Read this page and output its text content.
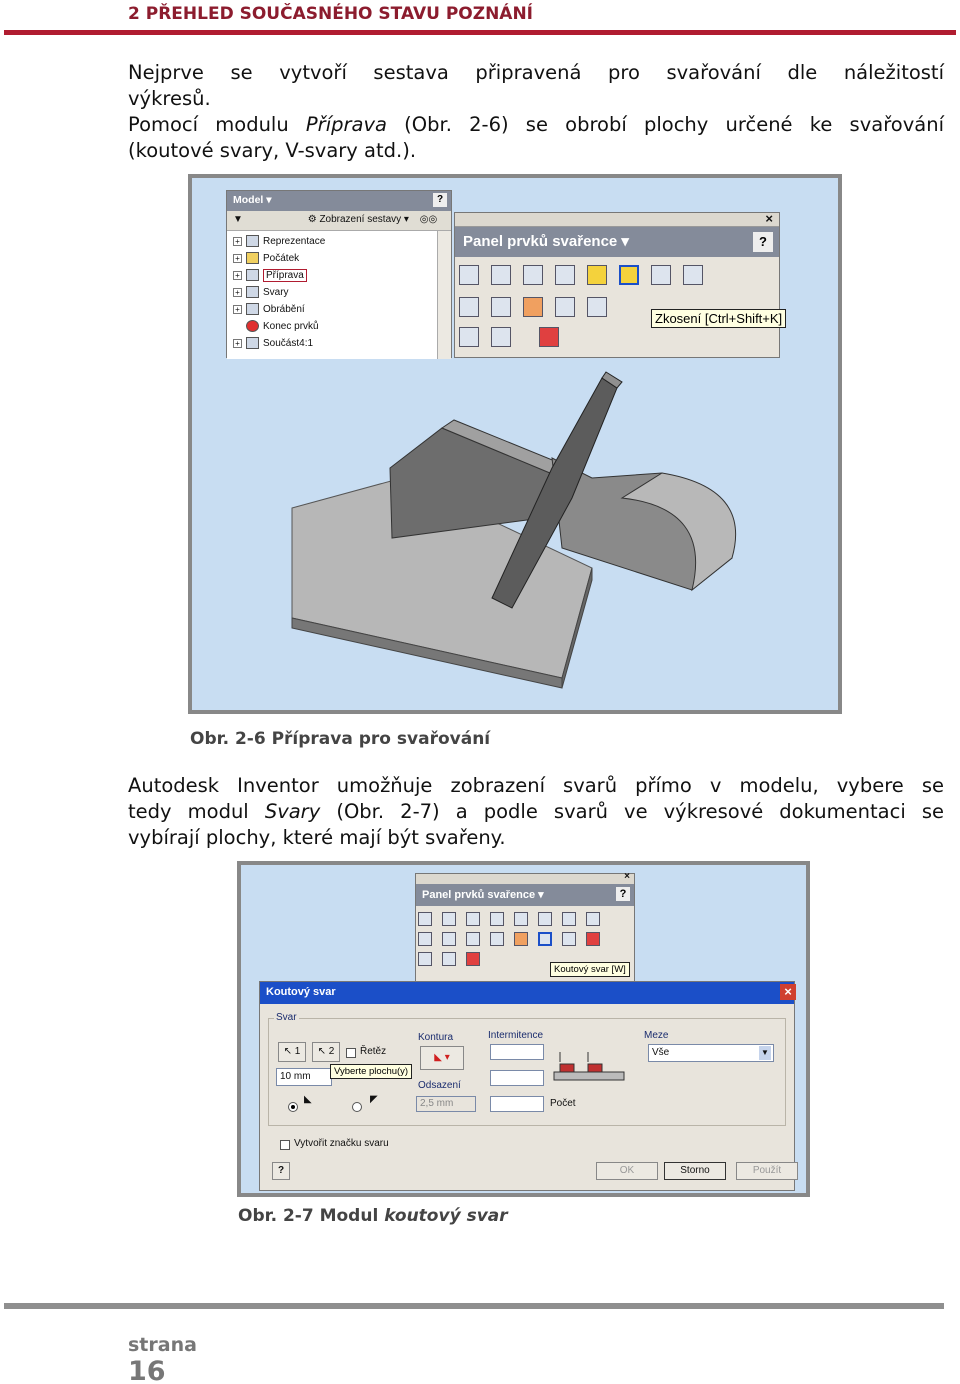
2 PŘEHLED SOUČASNÉHO STAVU POZNÁNÍ
Nejprve se vytvoří sestava připravená pro svařování dle náležitostí
výkresů.
Pomocí modulu Příprava (Obr. 2-6) se obrobí plochy určené ke svařování
(koutové svary, V-svary atd.).
Model ▾	?
▼	⚙ Zobrazení sestavy ▾ ◎◎
+ Reprezentace
+ Počátek
+	Příprava
+ Svary
+ Obrábění
Konec prvků
+ Součást4:1
×
Panel prvků svařence ▾	?
Zkosení [Ctrl+Shift+K]
Obr. 2-6 Příprava pro svařování
Autodesk Inventor umožňuje zobrazení svarů přímo v modelu, vybere se
tedy modul Svary (Obr. 2-7) a podle svarů ve výkresové dokumentaci se
vybírají plochy, které mají být svařeny.
×
Panel prvků svařence ▾	?
Koutový svar [W]
Koutový svar	×
Svar
↖ 1	↖ 2	Řetěz
10 mm	Vyberte plochu(y)
◣	◤
Kontura
◣ ▾
Odsazení
2,5 mm
Intermitence
Počet
Meze
Vše	▼
Vytvořit značku svaru
?	OK	Storno	Použít
Obr. 2-7 Modul koutový svar
strana
16
